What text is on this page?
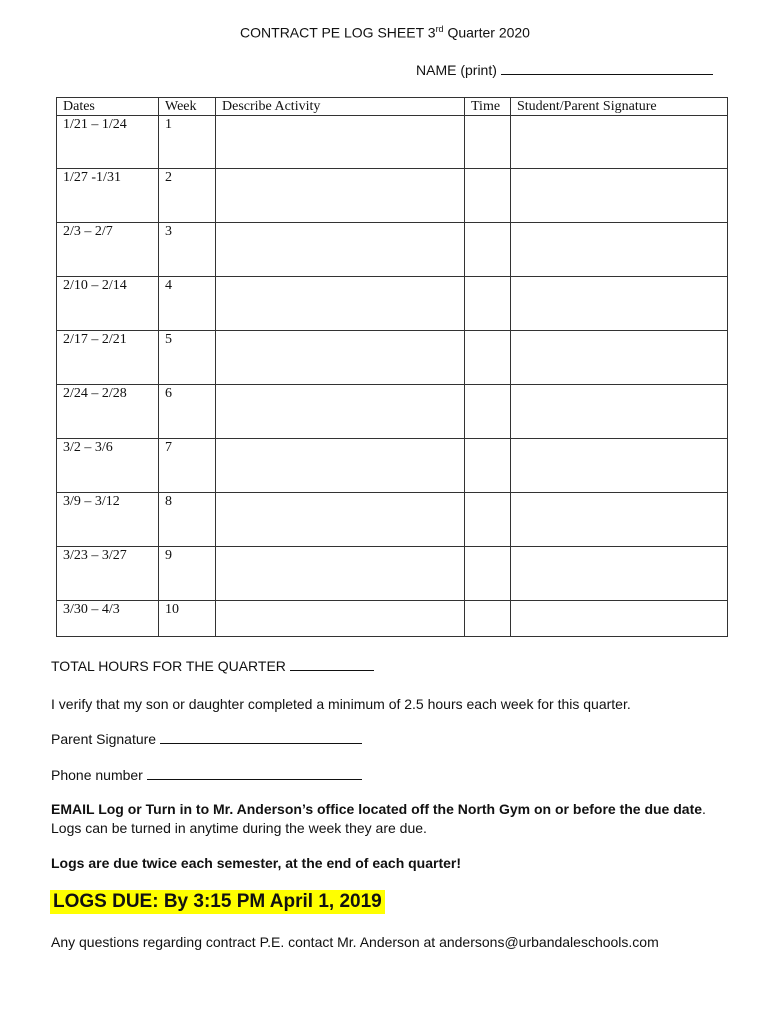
CONTRACT PE LOG SHEET 3rd Quarter 2020
NAME (print)
Dates	Week	Describe Activity	Time	Student/Parent Signature
1/21 – 1/24	1			
1/27 -1/31	2			
2/3 – 2/7	3			
2/10 – 2/14	4			
2/17 – 2/21	5			
2/24 – 2/28	6			
3/2 – 3/6	7			
3/9 – 3/12	8			
3/23 – 3/27	9			
3/30 – 4/3	10			
TOTAL HOURS FOR THE QUARTER
I verify that my son or daughter completed a minimum of 2.5 hours each week for this quarter.
Parent Signature
Phone number
EMAIL Log or Turn in to Mr. Anderson’s office located off the North Gym on or before the due date. Logs can be turned in anytime during the week they are due.
Logs are due twice each semester, at the end of each quarter!
LOGS DUE: By 3:15 PM April 1, 2019
Any questions regarding contract P.E. contact Mr. Anderson at andersons@urbandaleschools.com
